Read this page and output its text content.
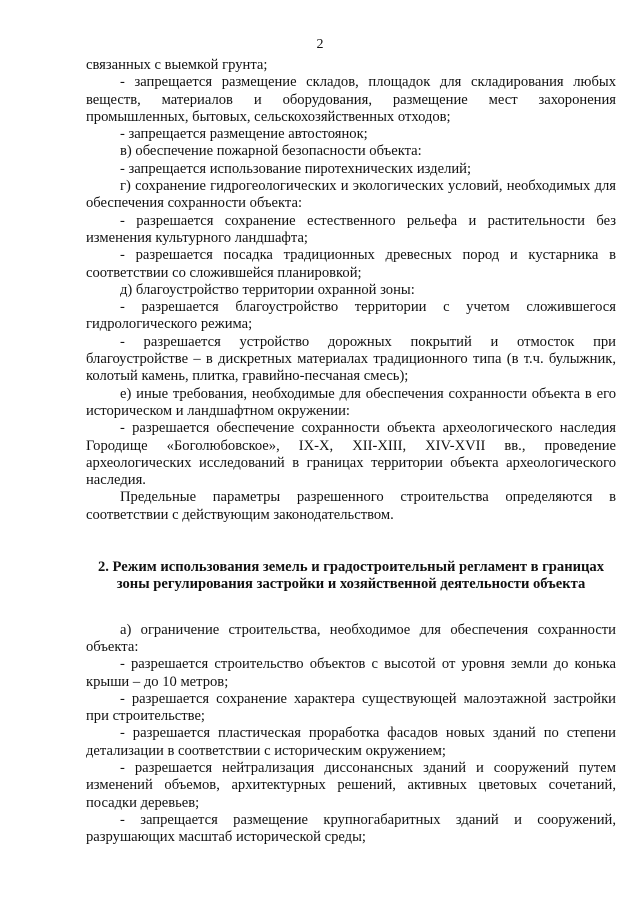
2

связанных с выемкой грунта;

- запрещается размещение складов, площадок для складирования любых веществ, материалов и оборудования, размещение мест захоронения промышленных, бытовых, сельскохозяйственных отходов;

- запрещается размещение автостоянок;

в) обеспечение пожарной безопасности объекта:

- запрещается использование пиротехнических изделий;

г) сохранение гидрогеологических и экологических условий, необходимых для обеспечения сохранности объекта:

- разрешается сохранение естественного рельефа и растительности без изменения культурного ландшафта;

- разрешается посадка традиционных древесных пород и кустарника в соответствии со сложившейся планировкой;

д) благоустройство территории охранной зоны:

- разрешается благоустройство территории с учетом сложившегося гидрологического режима;

- разрешается устройство дорожных покрытий и отмосток при благоустройстве – в дискретных материалах традиционного типа (в т.ч. булыжник, колотый камень, плитка, гравийно-песчаная смесь);

е) иные требования, необходимые для обеспечения сохранности объекта в его историческом и ландшафтном окружении:

- разрешается обеспечение сохранности объекта археологического наследия Городище «Боголюбовское», IX-X, XII-XIII, XIV-XVII вв., проведение археологических исследований в границах территории объекта археологического наследия.

Предельные параметры разрешенного строительства определяются в соответствии с действующим законодательством.

2. Режим использования земель и градостроительный регламент в границах зоны регулирования застройки и хозяйственной деятельности объекта

а) ограничение строительства, необходимое для обеспечения сохранности объекта:

- разрешается строительство объектов с высотой от уровня земли до конька крыши – до 10 метров;

- разрешается сохранение характера существующей малоэтажной застройки при строительстве;

- разрешается пластическая проработка фасадов новых зданий по степени детализации в соответствии с историческим окружением;

- разрешается нейтрализация диссонансных зданий и сооружений путем изменений объемов, архитектурных решений, активных цветовых сочетаний, посадки деревьев;

- запрещается размещение крупногабаритных зданий и сооружений, разрушающих масштаб исторической среды;
